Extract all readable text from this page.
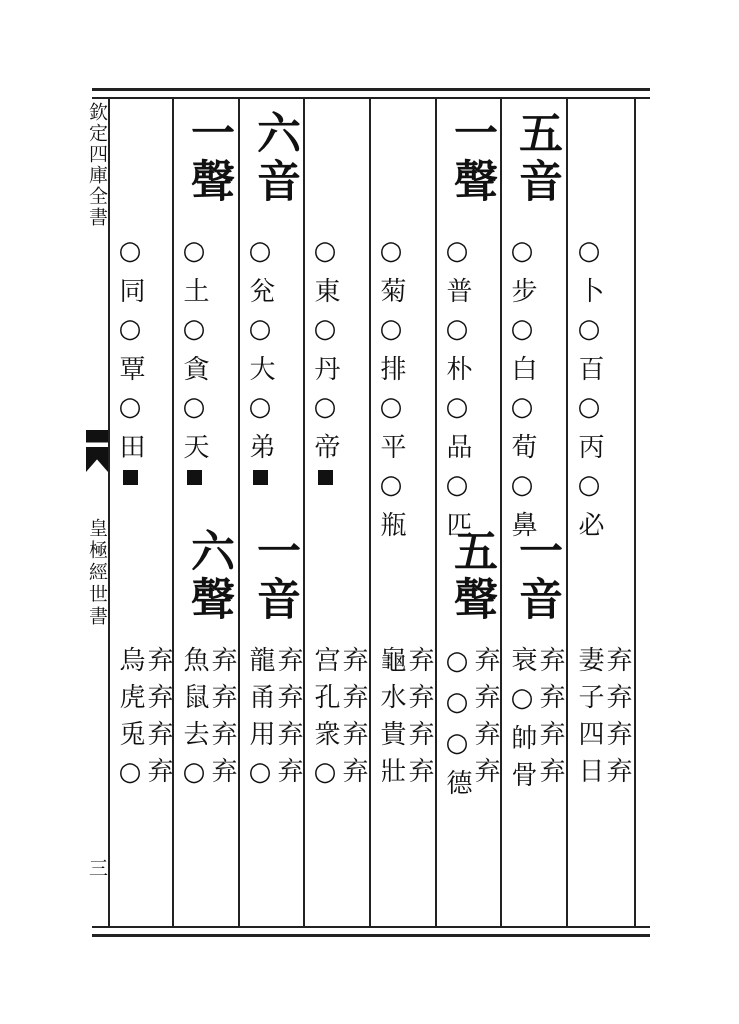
欽定四庫全書
皇極經世書
三
○卜○百○丙○必
妻子四日
弃弃弃弃
五音
○步○白○荀○鼻
一音
衰○帥骨
弃弃弃弃
一聲
○普○朴○品○匹
五聲
○○○德
弃弃弃弃
○菊○排○平○瓶
龜水貴壯
弃弃弃弃
○東○丹○帝
宫孔衆○
弃弃弃弃
六音
○兊○大○弟
一音
龍甬用○
弃弃弃弃
一聲
○土○貪○天
六聲
魚鼠去○
弃弃弃弃
○同○覃○田
烏虎兎○
弃弃弃弃
